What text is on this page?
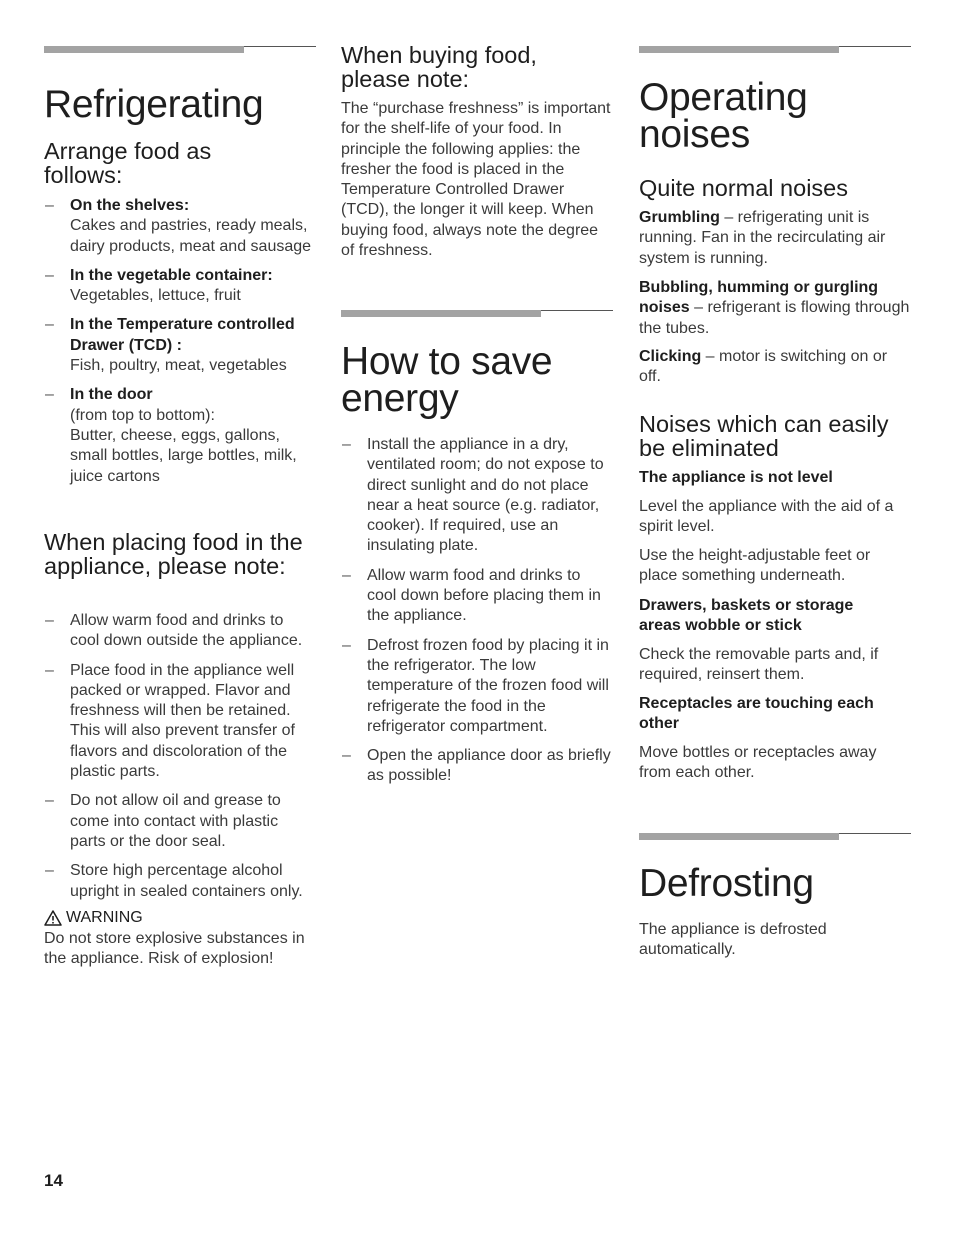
Refrigerating
Arrange food as follows:
– On the shelves:
Cakes and pastries, ready meals, dairy products, meat and sausage
– In the vegetable container:
Vegetables, lettuce, fruit
– In the Temperature controlled Drawer (TCD) :
Fish, poultry, meat, vegetables
– In the door
(from top to bottom):
Butter, cheese, eggs, gallons, small bottles, large bottles, milk, juice cartons
When placing food in the appliance, please note:
– Allow warm food and drinks to cool down outside the appliance.
– Place food in the appliance well packed or wrapped. Flavor and freshness will then be retained. This will also prevent transfer of flavors and discoloration of the plastic parts.
– Do not allow oil and grease to come into contact with plastic parts or the door seal.
– Store high percentage alcohol upright in sealed containers only.
WARNING

Do not store explosive substances in the appliance. Risk of explosion!

When buying food, please note:

The “purchase freshness” is important for the shelf-life of your food. In principle the following applies: the fresher the food is placed in the Temperature Controlled Drawer (TCD), the longer it will keep. When buying food, always note the degree of freshness.

How to save energy
– Install the appliance in a dry, ventilated room; do not expose to direct sunlight and do not place near a heat source (e.g. radiator, cooker). If required, use an insulating plate.
– Allow warm food and drinks to cool down before placing them in the appliance.
– Defrost frozen food by placing it in the refrigerator. The low temperature of the frozen food will refrigerate the food in the refrigerator compartment.
– Open the appliance door as briefly as possible!
Operating noises
Quite normal noises

Grumbling – refrigerating unit is running. Fan in the recirculating air system is running.

Bubbling, humming or gurgling noises – refrigerant is flowing through the tubes.

Clicking – motor is switching on or off.

Noises which can easily be eliminated

The appliance is not level

Level the appliance with the aid of a spirit level.

Use the height-adjustable feet or place something underneath.

Drawers, baskets or storage areas wobble or stick

Check the removable parts and, if required, reinsert them.

Receptacles are touching each other

Move bottles or receptacles away from each other.

Defrosting

The appliance is defrosted automatically.

14
